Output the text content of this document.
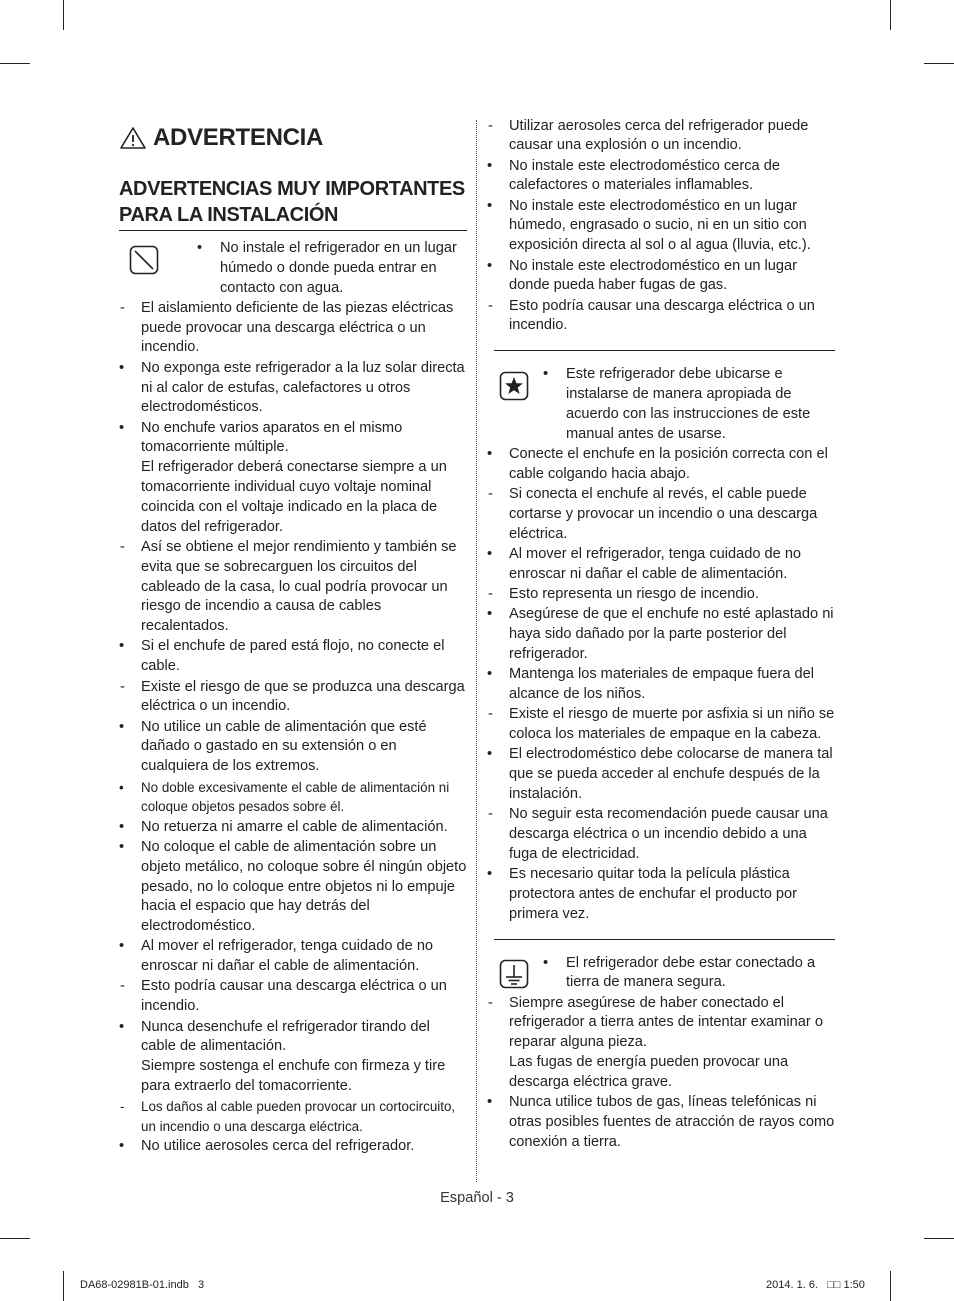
ADVERTENCIA
ADVERTENCIAS MUY IMPORTANTES PARA LA INSTALACIÓN
• No instale el refrigerador en un lugar húmedo o donde pueda entrar en contacto con agua.
- El aislamiento deficiente de las piezas eléctricas puede provocar una descarga eléctrica o un incendio.
• No exponga este refrigerador a la luz solar directa ni al calor de estufas, calefactores u otros electrodomésticos.
• No enchufe varios aparatos en el mismo tomacorriente múltiple.
El refrigerador deberá conectarse siempre a un tomacorriente individual cuyo voltaje nominal coincida con el voltaje indicado en la placa de datos del refrigerador.
- Así se obtiene el mejor rendimiento y también se evita que se sobrecarguen los circuitos del cableado de la casa, lo cual podría provocar un riesgo de incendio a causa de cables recalentados.
• Si el enchufe de pared está flojo, no conecte el cable.
- Existe el riesgo de que se produzca una descarga eléctrica o un incendio.
• No utilice un cable de alimentación que esté dañado o gastado en su extensión o en cualquiera de los extremos.
• No doble excesivamente el cable de alimentación ni coloque objetos pesados sobre él.
• No retuerza ni amarre el cable de alimentación.
• No coloque el cable de alimentación sobre un objeto metálico, no coloque sobre él ningún objeto pesado, no lo coloque entre objetos ni lo empuje hacia el espacio que hay detrás del electrodoméstico.
• Al mover el refrigerador, tenga cuidado de no enroscar ni dañar el cable de alimentación.
- Esto podría causar una descarga eléctrica o un incendio.
• Nunca desenchufe el refrigerador tirando del cable de alimentación.
Siempre sostenga el enchufe con firmeza y tire para extraerlo del tomacorriente.
- Los daños al cable pueden provocar un cortocircuito, un incendio o una descarga eléctrica.
• No utilice aerosoles cerca del refrigerador.
- Utilizar aerosoles cerca del refrigerador puede causar una explosión o un incendio.
• No instale este electrodoméstico cerca de calefactores o materiales inflamables.
• No instale este electrodoméstico en un lugar húmedo, engrasado o sucio, ni en un sitio con exposición directa al sol o al agua (lluvia, etc.).
• No instale este electrodoméstico en un lugar donde pueda haber fugas de gas.
- Esto podría causar una descarga eléctrica o un incendio.
• Este refrigerador debe ubicarse e instalarse de manera apropiada de acuerdo con las instrucciones de este manual antes de usarse.
• Conecte el enchufe en la posición correcta con el cable colgando hacia abajo.
- Si conecta el enchufe al revés, el cable puede cortarse y provocar un incendio o una descarga eléctrica.
• Al mover el refrigerador, tenga cuidado de no enroscar ni dañar el cable de alimentación.
- Esto representa un riesgo de incendio.
• Asegúrese de que el enchufe no esté aplastado ni haya sido dañado por la parte posterior del refrigerador.
• Mantenga los materiales de empaque fuera del alcance de los niños.
- Existe el riesgo de muerte por asfixia si un niño se coloca los materiales de empaque en la cabeza.
• El electrodoméstico debe colocarse de manera tal que se pueda acceder al enchufe después de la instalación.
- No seguir esta recomendación puede causar una descarga eléctrica o un incendio debido a una fuga de electricidad.
• Es necesario quitar toda la película plástica protectora antes de enchufar el producto por primera vez.
• El refrigerador debe estar conectado a tierra de manera segura.
- Siempre asegúrese de haber conectado el refrigerador a tierra antes de intentar examinar o reparar alguna pieza.
Las fugas de energía pueden provocar una descarga eléctrica grave.
• Nunca utilice tubos de gas, líneas telefónicas ni otras posibles fuentes de atracción de rayos como conexión a tierra.
Español - 3
DA68-02981B-01.indb   3	2014. 1. 6.   □□ 1:50
